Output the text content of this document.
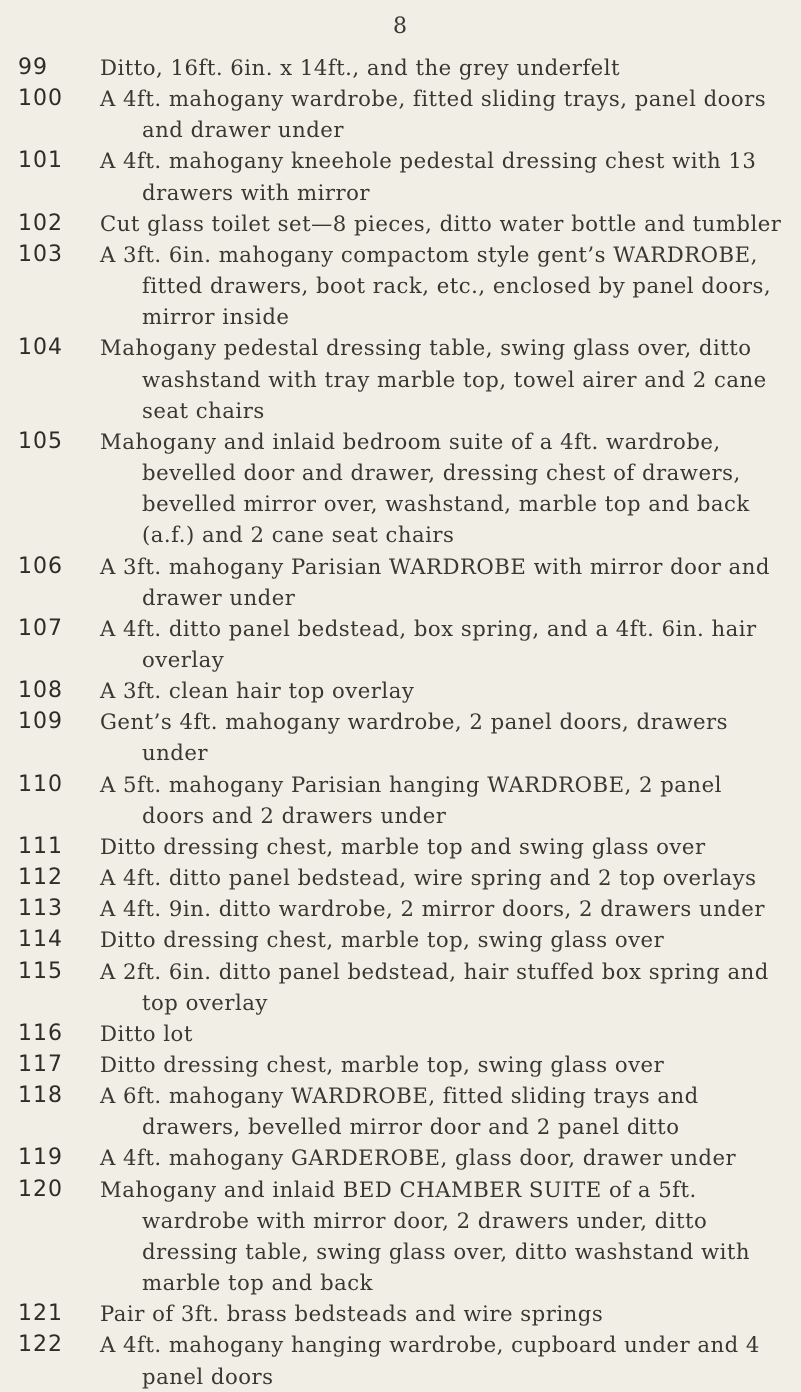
8
99	Ditto, 16ft. 6in. x 14ft., and the grey underfelt
100	A 4ft. mahogany wardrobe, fitted sliding trays, panel doors and drawer under
101	A 4ft. mahogany kneehole pedestal dressing chest with 13 drawers with mirror
102	Cut glass toilet set—8 pieces, ditto water bottle and tumbler
103	A 3ft. 6in. mahogany compactom style gent’s WARDROBE, fitted drawers, boot rack, etc., enclosed by panel doors, mirror inside
104	Mahogany pedestal dressing table, swing glass over, ditto washstand with tray marble top, towel airer and 2 cane seat chairs
105	Mahogany and inlaid bedroom suite of a 4ft. wardrobe, bevelled door and drawer, dressing chest of drawers, bevelled mirror over, washstand, marble top and back (a.f.) and 2 cane seat chairs
106	A 3ft. mahogany Parisian WARDROBE with mirror door and drawer under
107	A 4ft. ditto panel bedstead, box spring, and a 4ft. 6in. hair overlay
108	A 3ft. clean hair top overlay
109	Gent’s 4ft. mahogany wardrobe, 2 panel doors, drawers under
110	A 5ft. mahogany Parisian hanging WARDROBE, 2 panel doors and 2 drawers under
111	Ditto dressing chest, marble top and swing glass over
112	A 4ft. ditto panel bedstead, wire spring and 2 top overlays
113	A 4ft. 9in. ditto wardrobe, 2 mirror doors, 2 drawers under
114	Ditto dressing chest, marble top, swing glass over
115	A 2ft. 6in. ditto panel bedstead, hair stuffed box spring and top overlay
116	Ditto lot
117	Ditto dressing chest, marble top, swing glass over
118	A 6ft. mahogany WARDROBE, fitted sliding trays and drawers, bevelled mirror door and 2 panel ditto
119	A 4ft. mahogany GARDEROBE, glass door, drawer under
120	Mahogany and inlaid BED CHAMBER SUITE of a 5ft. wardrobe with mirror door, 2 drawers under, ditto dressing table, swing glass over, ditto washstand with marble top and back
121	Pair of 3ft. brass bedsteads and wire springs
122	A 4ft. mahogany hanging wardrobe, cupboard under and 4 panel doors
